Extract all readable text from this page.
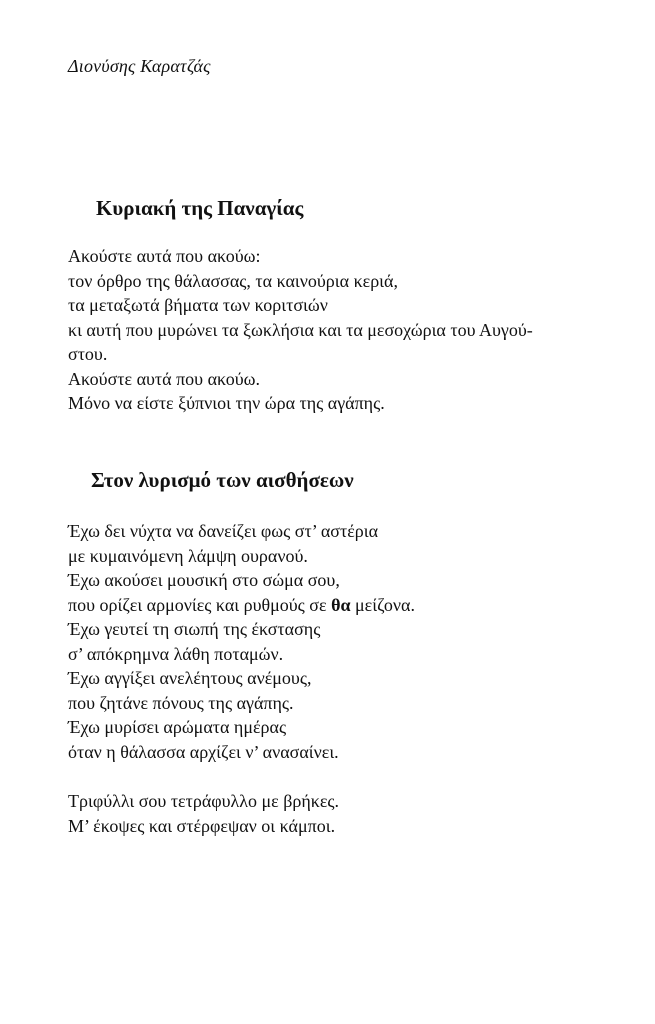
Διονύσης Καρατζάς
Κυριακή της Παναγίας
Ακούστε αυτά που ακούω:
τον όρθρο της θάλασσας, τα καινούρια κεριά,
τα μεταξωτά βήματα των κοριτσιών
κι αυτή που μυρώνει τα ξωκλήσια και τα μεσοχώρια του Αυγού-
στου.
Ακούστε αυτά που ακούω.
Μόνο να είστε ξύπνιοι την ώρα της αγάπης.
Στον λυρισμό των αισθήσεων
Έχω δει νύχτα να δανείζει φως στ’ αστέρια
με κυμαινόμενη λάμψη ουρανού.
Έχω ακούσει μουσική στο σώμα σου,
που ορίζει αρμονίες και ρυθμούς σε θα μείζονα.
Έχω γευτεί τη σιωπή της έκστασης
σ’ απόκρημνα λάθη ποταμών.
Έχω αγγίξει ανελέητους ανέμους,
που ζητάνε πόνους της αγάπης.
Έχω μυρίσει αρώματα ημέρας
όταν η θάλασσα αρχίζει ν’ ανασαίνει.
Τριφύλλι σου τετράφυλλο με βρήκες.
Μ’ έκοψες και στέρφεψαν οι κάμποι.
